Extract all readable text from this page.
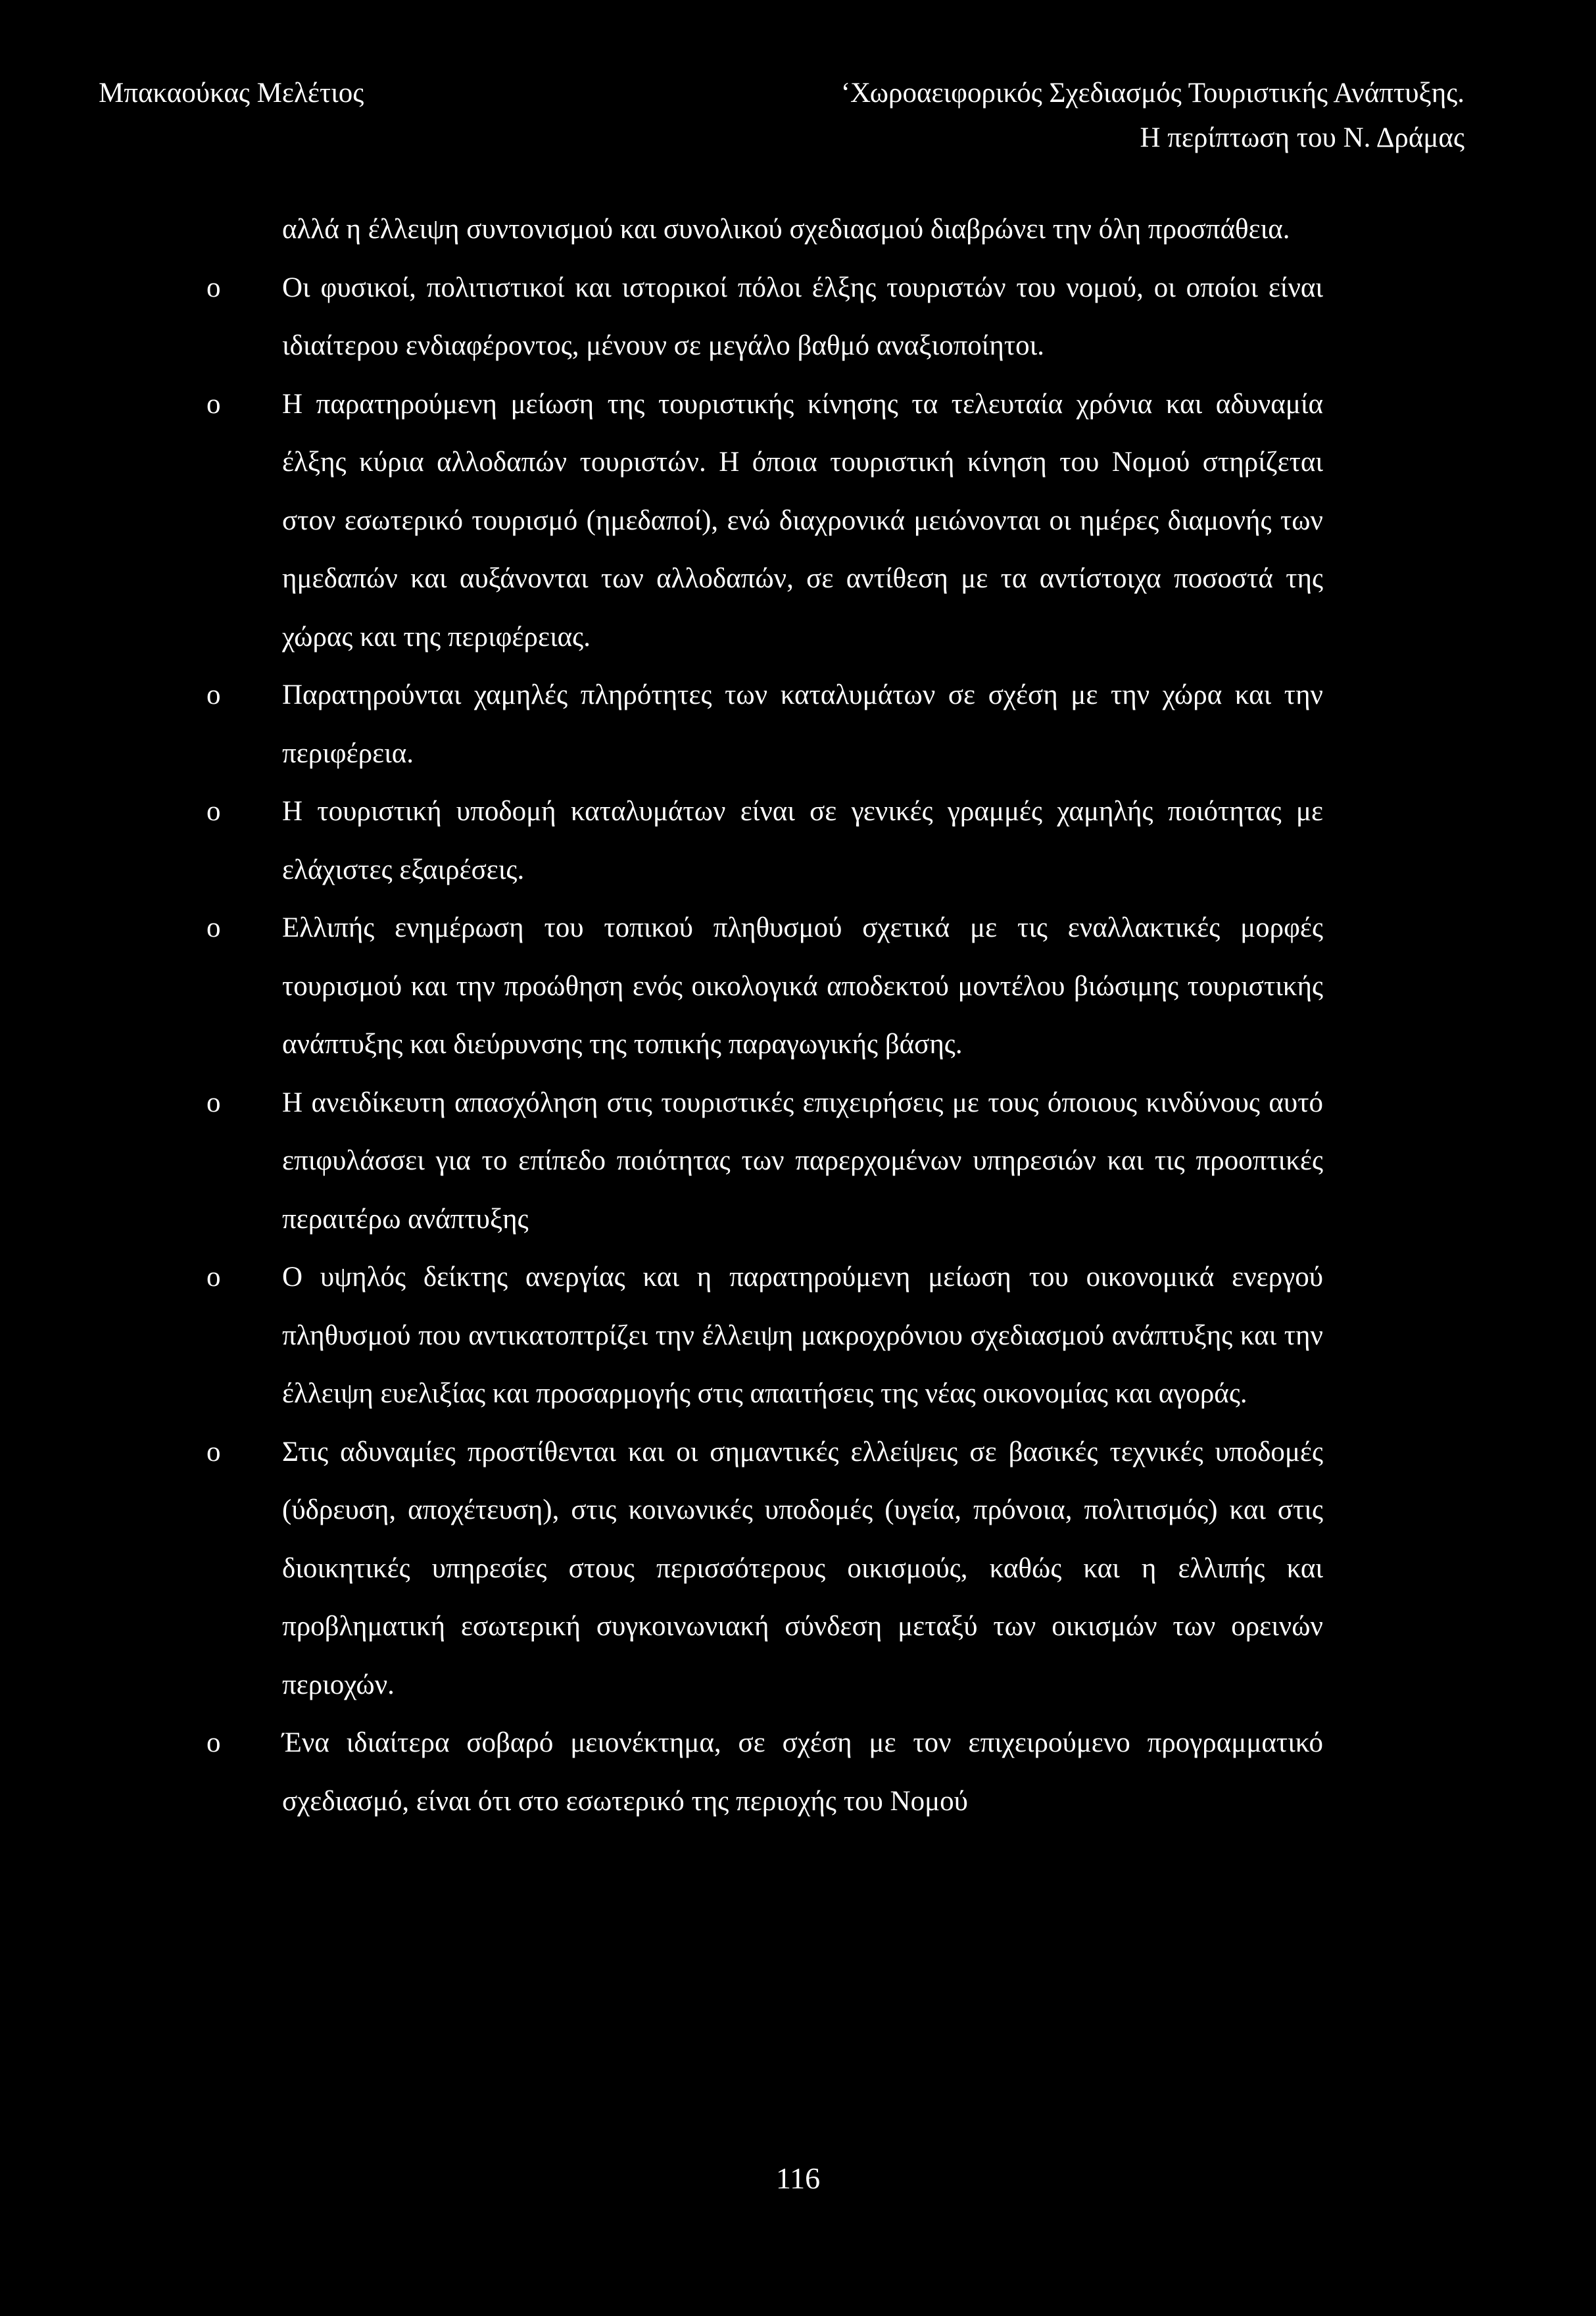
Μπακαούκας Μελέτιος	‘Χωροαειφορικός Σχεδιασμός Τουριστικής Ανάπτυξης.
Η περίπτωση του Ν. Δράμας

αλλά η έλλειψη συντονισμού και συνολικού σχεδιασμού διαβρώνει την όλη προσπάθεια.

o	Οι φυσικοί, πολιτιστικοί και ιστορικοί πόλοι έλξης τουριστών του νομού, οι οποίοι είναι ιδιαίτερου ενδιαφέροντος, μένουν σε μεγάλο βαθμό αναξιοποίητοι.
o	Η παρατηρούμενη μείωση της τουριστικής κίνησης τα τελευταία χρόνια και αδυναμία έλξης κύρια αλλοδαπών τουριστών. Η όποια τουριστική κίνηση του Νομού στηρίζεται στον εσωτερικό τουρισμό (ημεδαποί), ενώ διαχρονικά μειώνονται οι ημέρες διαμονής των ημεδαπών και αυξάνονται των αλλοδαπών, σε αντίθεση με τα αντίστοιχα ποσοστά της χώρας και της περιφέρειας.
o	Παρατηρούνται χαμηλές πληρότητες των καταλυμάτων σε σχέση με την χώρα και την περιφέρεια.
o	Η τουριστική υποδομή καταλυμάτων είναι σε γενικές γραμμές χαμηλής ποιότητας με ελάχιστες εξαιρέσεις.
o	Ελλιπής ενημέρωση του τοπικού πληθυσμού σχετικά με τις εναλλακτικές μορφές τουρισμού και την προώθηση ενός οικολογικά αποδεκτού μοντέλου βιώσιμης τουριστικής ανάπτυξης και διεύρυνσης της τοπικής παραγωγικής βάσης.
o	Η ανειδίκευτη απασχόληση στις τουριστικές επιχειρήσεις με τους όποιους κινδύνους αυτό επιφυλάσσει για το επίπεδο ποιότητας των παρερχομένων υπηρεσιών και τις προοπτικές περαιτέρω ανάπτυξης
o	Ο υψηλός δείκτης ανεργίας και η παρατηρούμενη μείωση του οικονομικά ενεργού πληθυσμού που αντικατοπτρίζει την έλλειψη μακροχρόνιου σχεδιασμού ανάπτυξης και την έλλειψη ευελιξίας και προσαρμογής στις απαιτήσεις της νέας οικονομίας και αγοράς.
o	Στις αδυναμίες προστίθενται και οι σημαντικές ελλείψεις σε βασικές τεχνικές υποδομές (ύδρευση, αποχέτευση), στις κοινωνικές υποδομές (υγεία, πρόνοια, πολιτισμός) και στις διοικητικές υπηρεσίες στους περισσότερους οικισμούς, καθώς και η ελλιπής και προβληματική εσωτερική συγκοινωνιακή σύνδεση μεταξύ των οικισμών των ορεινών περιοχών.
o	Ένα ιδιαίτερα σοβαρό μειονέκτημα, σε σχέση με τον επιχειρούμενο προγραμματικό σχεδιασμό, είναι ότι στο εσωτερικό της περιοχής του Νομού
116
